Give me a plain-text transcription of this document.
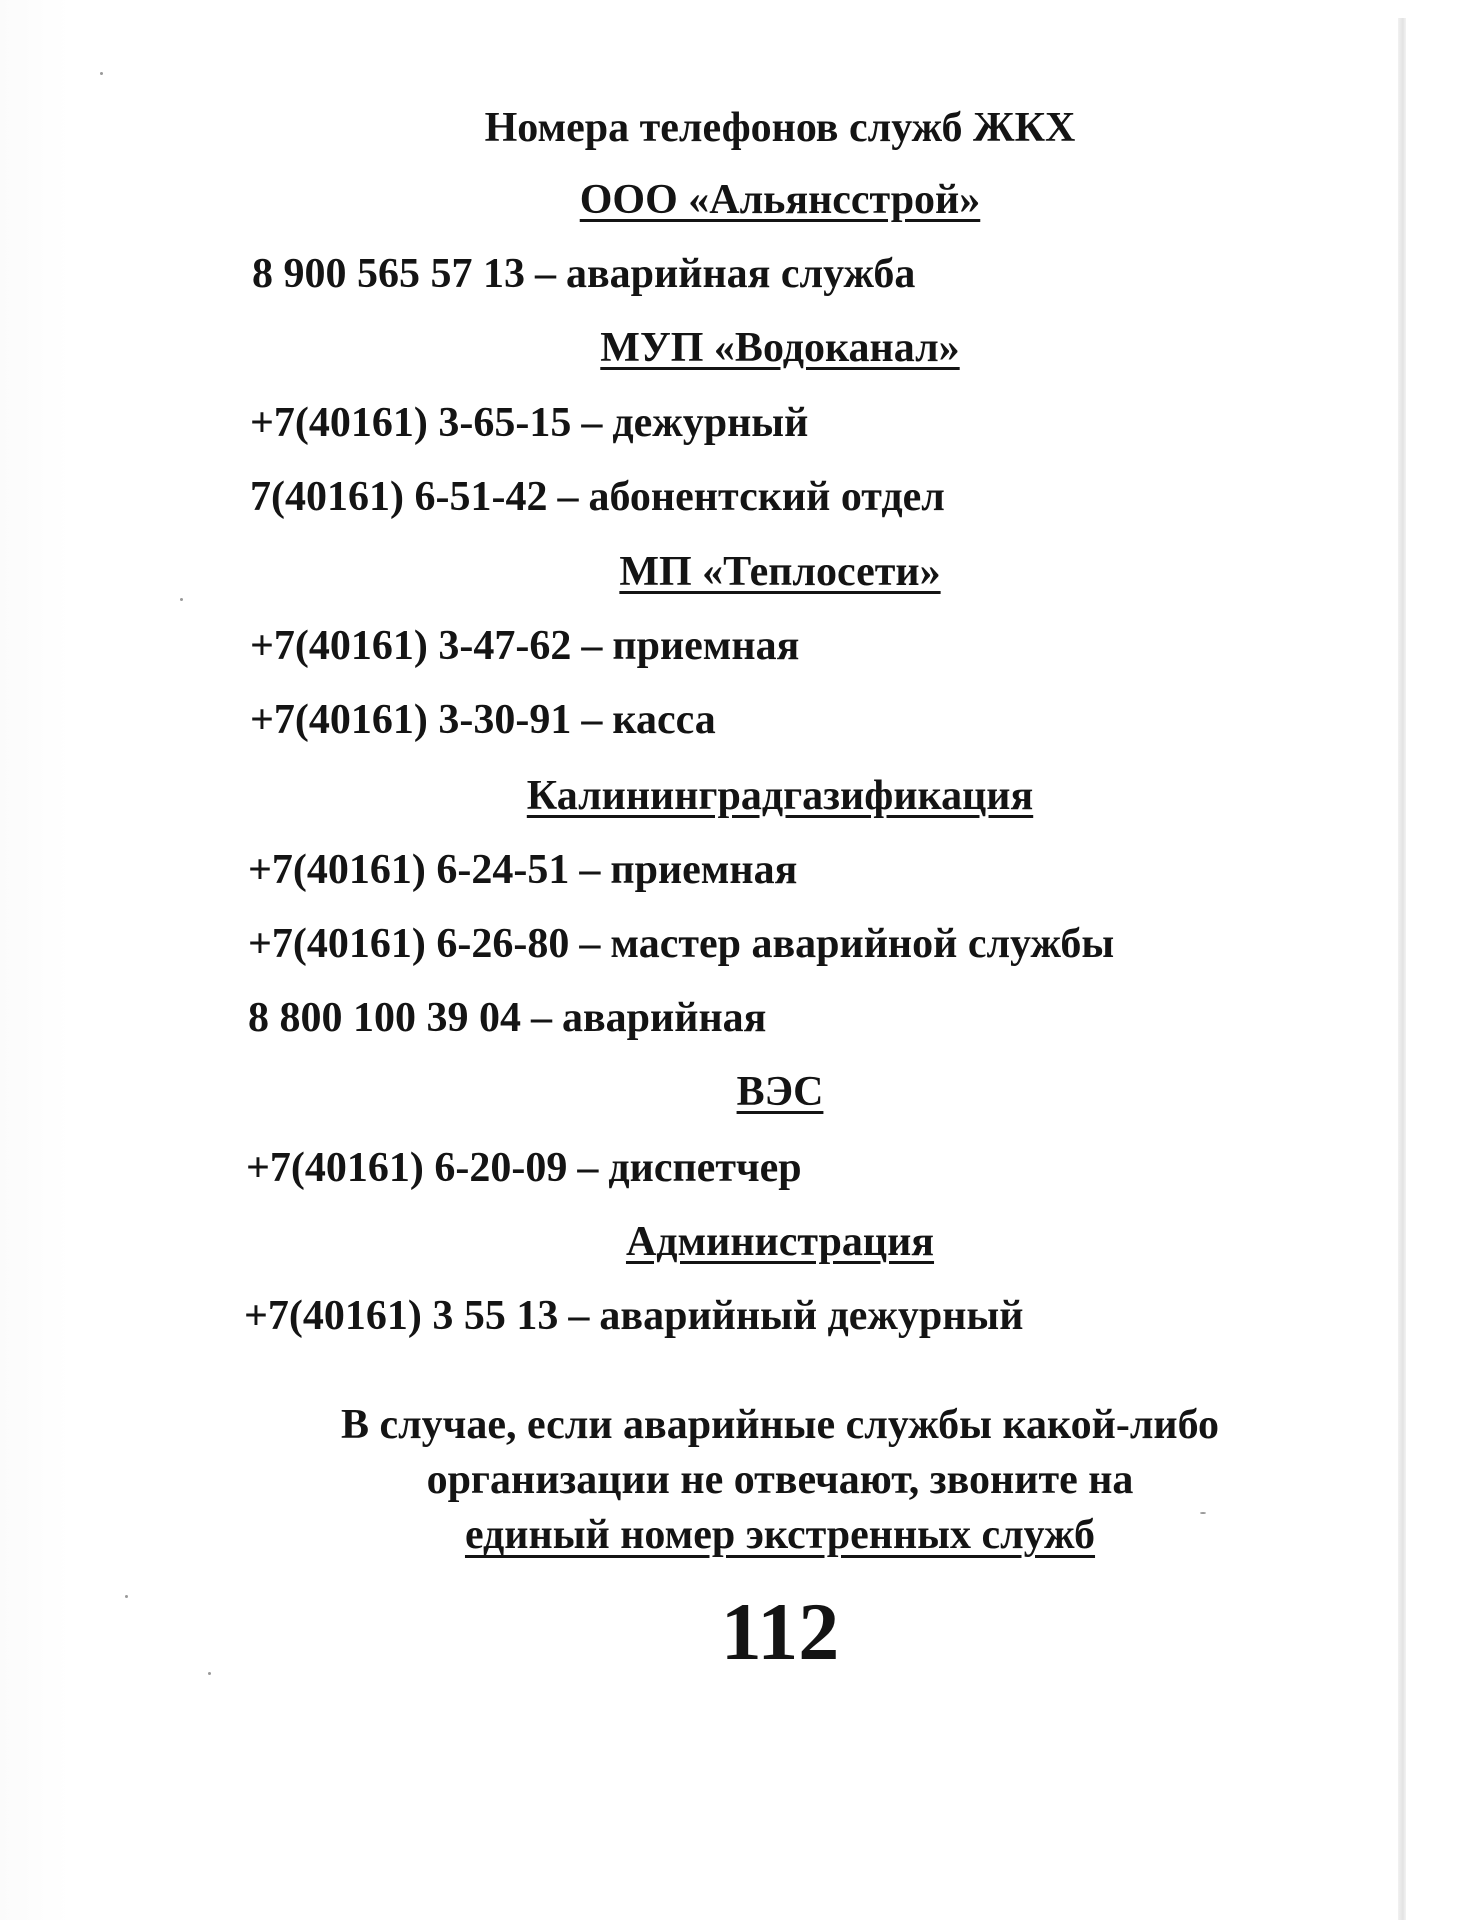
Номера телефонов служб ЖКХ
ООО «Альянсстрой»
8 900 565 57 13 – аварийная служба
МУП «Водоканал»
+7(40161) 3-65-15 – дежурный
7(40161) 6-51-42 – абонентский отдел
МП «Теплосети»
+7(40161) 3-47-62 – приемная
+7(40161) 3-30-91 – касса
Калининградгазификация
+7(40161) 6-24-51 – приемная
+7(40161) 6-26-80 – мастер аварийной службы
8 800 100 39 04 – аварийная
ВЭС
+7(40161) 6-20-09 – диспетчер
Администрация
+7(40161) 3 55 13 – аварийный дежурный
В случае, если аварийные службы какой-либо
организации не отвечают, звоните на
единый номер экстренных служб
112
